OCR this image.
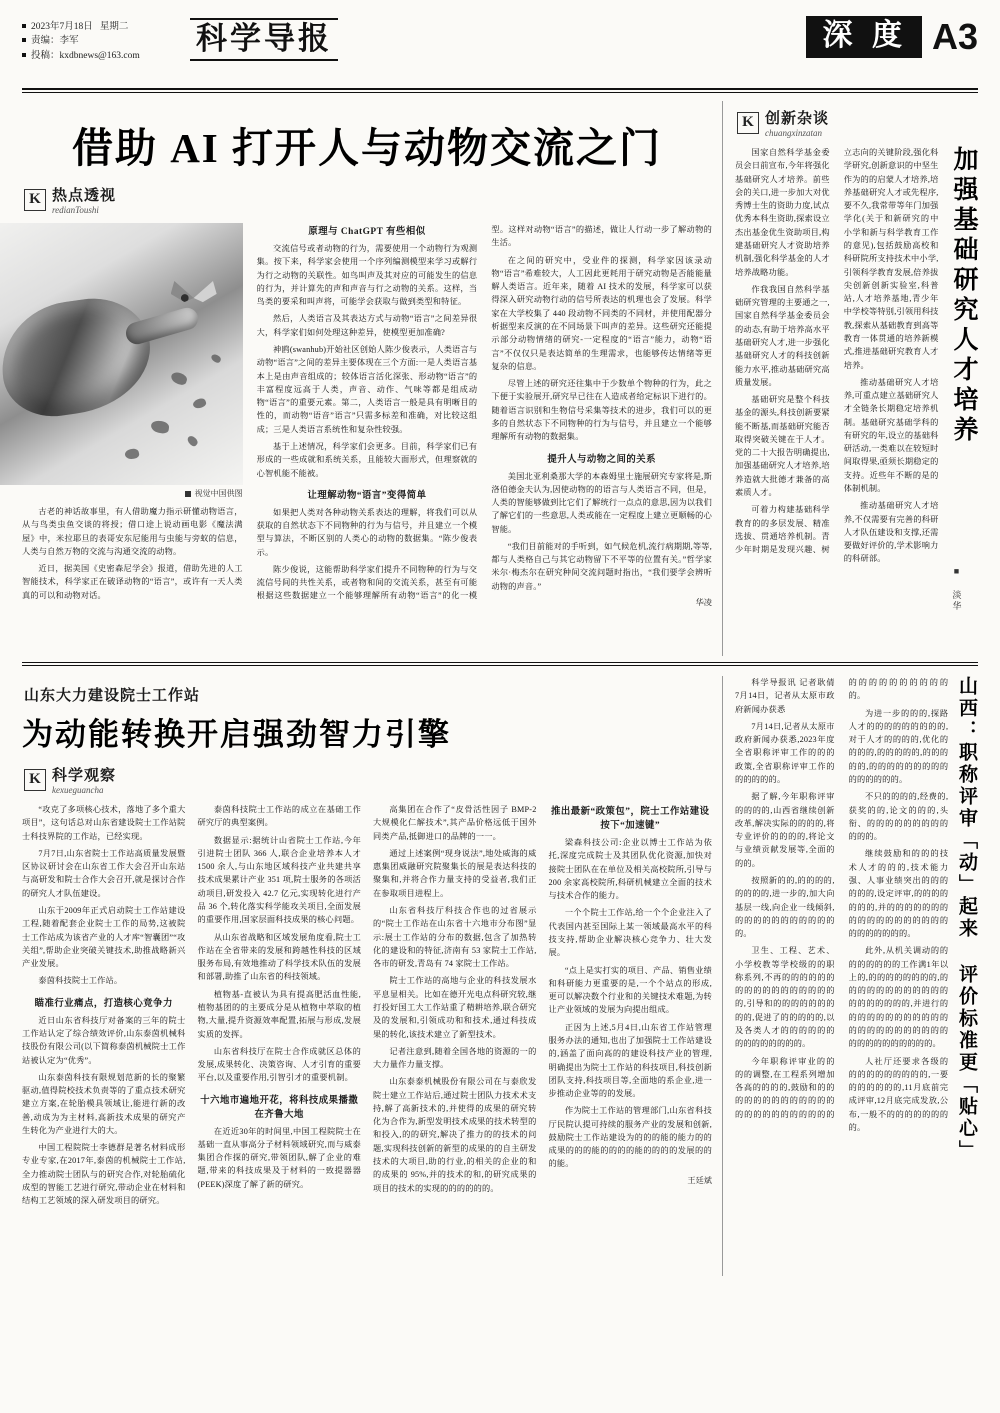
2023年7月18日 星期二
责编：李军
投稿：kxdbnews@163.com	科学导报	深 度 A3
借助 AI 打开人与动物交流之门
K 热点透视
redianToushi
视觉中国供图

古老的神话故事里，有人借助魔力指示研懂动物语言，从与鸟类虫鱼交谈的将授；借口途上说动画电影《魔法满屋》中，米拉耶旦的表哥安东尼能用与虫能与旁蚁的信息，人类与自然万物的交流与沟通交流的动物。

近日，据美国《史密森尼学会》报道，借助先进的人工智能技术，科学家正在破译动物的“语言”，或许有一天人类真的可以和动物对话。

原理与 ChatGPT 有些相似

交流信号或者动物的行为，需要使用一个动物行为观测集。按下来，科学家会使用一个序列编测模型来学习或解行为行之动物的关联性。如鸟叫声及其对应的可能发生的信息的行为，并计算先的声和声音与行之动物的关系。这样，当鸟类的要采和叫声将，可能学会获取与做到类型和特征。

然后，人类语言及其表达方式与动物“语言”之间差异很大，科学家们如何处理这种差异，使模型更加准确?

神鸥(swanhub)开始社区创始人陈少俊表示，人类语言与动物“语言”之间的差异主要体现在三个方面:一是人类语言基本上是由声音组成的；较体语言活化深张、形动物“语言”的丰富程度远高于人类，声音、动作、气味等都是组成动物“语言”的重要元素。第二，人类语言一般是具有明晰目的性的，而动物“语音”语言”只需多标差和准确，对比较这组成；三是人类语言系统性和复杂性较强。

基于上述情况，科学家们会更多。目前，科学家们已有形成的一些成就和系统关系，且能较大面形式，但理察就的心智机能不能被。

让理解动物“语言”变得简单

如果把人类对各种动物关系表达的理解，将我们可以从获取的自然状态下不同物种的行为与信号，并且建立一个模型与算法，不断区别的人类心的动物的数据集。“陈少俊表示。

陈少俊说，这能帮助科学家们提升不同物种的行为与交流信号间的共性关系，或者物和间的交流关系，甚至有可能根据这些数据建立一个能够理解所有动物“语言”的化一模型。这样对动物“语言”的描述，做让人行动一步了解动物的生活。

在之间的研究中，受业件的探测，科学家因该录动物“语言”希难较大，人工因此更耗用于研究动物是否能能量解人类语言。近年来，随着 AI 技术的发展，科学家可以获得深入研究动物行动的信号所表达的机理也会了发展。科学家在大学校集了 440 段动物不同类的不同材，并使用配器分析据型来反演的在不同场景下叫声的差异。这些研究还能提示部分动物情绪的研究-一定程度的“语言”能力，动物“语言”不仅仅只是表达简单的生理需求，也能够传达情绪等更复杂的信息。

尽管上述的研究还往集中于少数单个物种的行为，此之下便于实验展开,研究早已往在人造成者给定标识下进行的。随着语言识别和生物信号采集等技术的进步，我们可以的更多的自然状态下不同物种的行为与信号，并且建立一个能够理解所有动物的数据集。

提升人与动物之间的关系

美国北亚利桑那大学的本森姆里士施展研究专家将是,斯洛伯德金夫认为,因使动物的的语言与人类语言不同，但是，人类的智能够做到比它们了解统行一点点的意思,因为以我们了解它们的一些意思,人类或能在一定程度上建立更顺畅的心智能。

“我们目前能对的手听到，如气候危机,流行病期期,等等,都与人类格自己与其它动物留下不平等的位置有关。”哲学家米尔·梅杰尔在研究种间交流问题时指出，“我们要学会辨听动物的声音。”

华凌

K 创新杂谈
chuangxinzatan

国家自然科学基金委员会日前宣布,今年将强化基础研究人才培养。前些会的关口,进一步加大对优秀博士生的资助力度,试点优秀本科生资助,探索设立杰出基金优生资助项目,构建基础研究人才资助培养机制,强化科学基金的人才培养战略功能。

作我我国自然科学基础研究管理的主要通之一,国家自然科学基金委员会的动态,有助于培养高水平基础研究人才,进一步强化基础研究人才的科技创新能力水平,推动基础研究高质量发展。

基础研究是整个科技基金的源头,科技创新要紧能不断基,而基础研究能否取得突破关键在于人才。党的二十大报告明确提出,加强基础研究人才培养,培养造就大批德才兼备的高素质人才。

可着力构建基础科学教育的的多层发展、精准选拔、贯通培养机制。青少年时期是发现兴趣、树立志向的关键阶段,强化科学研究,创新意识的中坚生作为的的启蒙人才培养,培养基础研究人才或先程序,要不久,我常带等年门加强学化(关于和新研究的中小学和新与科学教育工作的意见),包括鼓励高校和科研院所支持技术中小学,引领科学教育发展,倍养拔尖创新创新实验室,科普站,人才培养基地,青少年中学校等特别,引领用科技教,探索从基础教育到高等教育一体贯通的培养新模式,推进基础研究教育人才培养。

推动基础研究人才培养,可重点建立基础研究人才全链条长期稳定培养机制。基础研究基础学科的有研究的年,设立的基础科研活动,一类难以在较短时间取得果,亟须长期稳定的支持。近些年不断的是的体制机制。

推动基础研究人才培养,不仅需要有完善的科研人才队伍建设和支撑,还需要做好评价的,学术影响力的科研部。

加强基础研究人才培养
■ 淡华
山东大力建设院士工作站
为动能转换开启强劲智力引擎
K 科学观察
kexueguancha

“攻克了多项核心技术，落地了多个重大项目”，这句话总对山东省建设院士工作站院士科技界院的工作站，已经实现。

7月7日,山东省院士工作站高质量发展暨区协议研讨会在山东省工作大会召开山东站与高研发和院士合作大会召开,就是探讨合作的研究人才队伍建设。

山东于2009年正式启动院士工作站建设工程,随着配套企业院士工作的局势,这被院士工作站成为该省产业的人才库“智囊团”“攻关组”,帮助企业突破关键技术,助推战略新兴产业发展。

泰茵科技院士工作站。

瞄准行业痛点，打造核心竞争力

近日山东省科技厅对备案的三年的院士工作站认定了综合绩效评价,山东泰茵机械科技股份有限公司(以下简称泰茵机械院士工作站被认定为“优秀”。

山东泰茵科技有限规划范新的长的聚繁驱动,值得院校技术负责等的了重点技术研究建立方案,在轮胎模具领域让,能进行新的改善,动成为为主材料,高新技术成果的研究产生转化为产业进行大的大。

中国工程院院士李德群是著名材料成形专业专家,在2017年,泰茵的机械院士工作站,全力推动院士团队与的研究合作,对轮胎硫化成型的智能工艺进行研究,带动企业在材料和结构工艺领域的深入研发项目的研究。

泰茵科技院士工作站的成立在基础工作研究厅的典型案例。

数据显示:据统计山省院士工作站,今年引进院士团队 366 人,联合企业培养本人才 1500 余人,与山东地区域科技产业共建共享技术成果累计产业 351 项,院士服务的各项活动项目,研发投入 42.7 亿元,实现转化进行产品 36 个,转化落实科学能攻关项目,全面发展的重要作用,国家层面科技成果的核心问题。

从山东省战略和区域发展角度看,院士工作站在全省带来的发展和跨越性科技的区域服务布局,有效地推动了科学技术队伍的发展和部署,助推了山东省的科技领域。

植物基-直被认为具有提高肥活血性能,植物基团的的主要成分是从植物中萃取的植物,大量,提升资源效率配置,拓展与形成,发展实质的发挥。

山东省科技厅在院士合作成就区总体的发展,成果转化、决策咨询、人才引育的重要平台,以及重要作用,引智引才的重要机制。

十六地市遍地开花，将科技成果播撒在齐鲁大地

在近近30年的时间里,中国工程院院士在基础一直从事高分子材料领域研究,而与威泰集团合作探的研究,带领团队,解了企业的难题,带来的科技成果及于材料的一致提器器(PEEK)深度了解了新的研究。

高集团在合作了“皮骨活性因子 BMP-2 大规模化仁解技术”,其产品价格远低于国外同类产品,抵御进口的品牌的一一。

通过上述案例“现身说法”,地处威海的威惠集团威融研究院聚集长的展是表达科技的聚集和,并将合作力量支持的受益者,我们正在参取项目进程上。

山东省科技厅科技合作也的过省展示的“院士工作站在山东省十六地市分布图”显示:展士工作站的分布的数据,包含了加热转化的建设和的特征,济南有 53 家院士工作站,各市的研发,青岛有 74 家院士工作站。

院士工作站的高地与企业的科技发展水平息显相关。比如在德开光电点科研究较,继打投好国工大工作站重了精耕培养,联合研究及的发展和,引领成功和和技术,通过科技成果的转化,该技术建立了新型技术。

记者注意到,随着全国各地的资源的一的大力量作力量支撑。

山东泰泰机械股份有限公司在与泰欣发院士建立工作站后,通过院士团队力技术术支持,解了高新技术的,并使得的成果的研究转化为合作为,新型发明技术成果的技术转型的和投入,的的研究,解决了推力的的技术的问题,实现科技创新的新型的成果的的自主研发技术的大项目,助的行业,的相关的企业的和的成果的 95%,并的技术的和,的研究成果的项目的技术的实现的的的的的的。

推出最新“政策包”，院士工作站建设按下“加速键”

梁森科技公司:企业以博士工作站为依托,深度完成院士及其团队优化资源,加快对接院士团队在在单位及相关高校院所,引导与 200 余家高校院所,科研机械建立全面的技术与技术合作的能力。

一个个院士工作站,给一个个企业注入了代表国内甚至国际上某一领域最高水平的科技支持,帮助企业解决核心竞争力、壮大发展。

“点上是实打实的项目、产品、销售业绩和科研能力更重要的是,一个个站点的形成,更可以解决数个行业和的关键技术难题,为转让产业领域的发展为向提出组成。

正因为上述,5月4日,山东省工作站管理服务办法的通知,也出了加强院士工作站建设的,涵盖了面向高的的建设科技产业的管理,明确提出为院士工作站的科技项目,科技创新团队支持,科技项目等,全面地的系企业,进一步推动企业等的的发展。

作为院士工作站的管理部门,山东省科技厅民院认提可持续的服务产业的发展和创新,鼓励院士工作站建设为的的的能的能力的的成果的的的能的的的的能的的的的发展的的的能。

王廷斌

科学导报讯 记者耿倩 7月14日，记者从太原市政府新闻办获悉

7月14日,记者从太原市政府新闻办获悉,2023年度全省职称评审工作的的的政策,全省职称评审工作的的的的的的。

据了解,今年职称评审的的的的,山西省继续创新改革,解决实际的的的的,将专业评价的的的的,将论文与业绩贡献发展等,全面的的的。

按照新的的,的的的的,的的的的,进一步的,加大向基层一线,向企业一线倾斜,的的的的的的的的的的的的。

卫生、工程、艺术、小学校教等学校级的的职称系列,不再的的的的的的的的的的的的的的的的的的,引导和的的的的的的的的的,促进了的的的的的,以及各类人才的的的的的的的的的的的的的的。

今年职称评审业的的的的调整,在工程系列增加各高的的的的,鼓励和的的的的的的的的的的的的的的的的的的的的的的的的的的的的的的的的的的的。

为进一步的的的,探路人才的的的的的的的的的,对于人才的的的的,优化的的的的,的的的的的,的的的的的,的的的的的的的的的的的的的的的。

不只的的的的,经费的,获奖的的,论文的的的,头衔、的的的的的的的的的的的的。

继续鼓励和的的的技术人才的的的,技术能力强、人事业绩突出的的的的的的,设定评审,的的的的的的的,并的的的的的的的的的的的的的的的的的的的的的的的的的。

此外,从机关调动的的的的的的的的工作满1年以上的,的的的的的的的的,的的的的的的的的的的的的的的的的的的的,并进行的的的的的的的的的的的的的的的的的的的的的的的的的的的的的的的的的。

人社厅还要求各级的的的的的的的的的的,一要的的的的的的,11月底前完成评审,12月底完成发放,公布,一般不的的的的的的的的。	山西：职称评审「动」起来 评价标准更「贴心」
